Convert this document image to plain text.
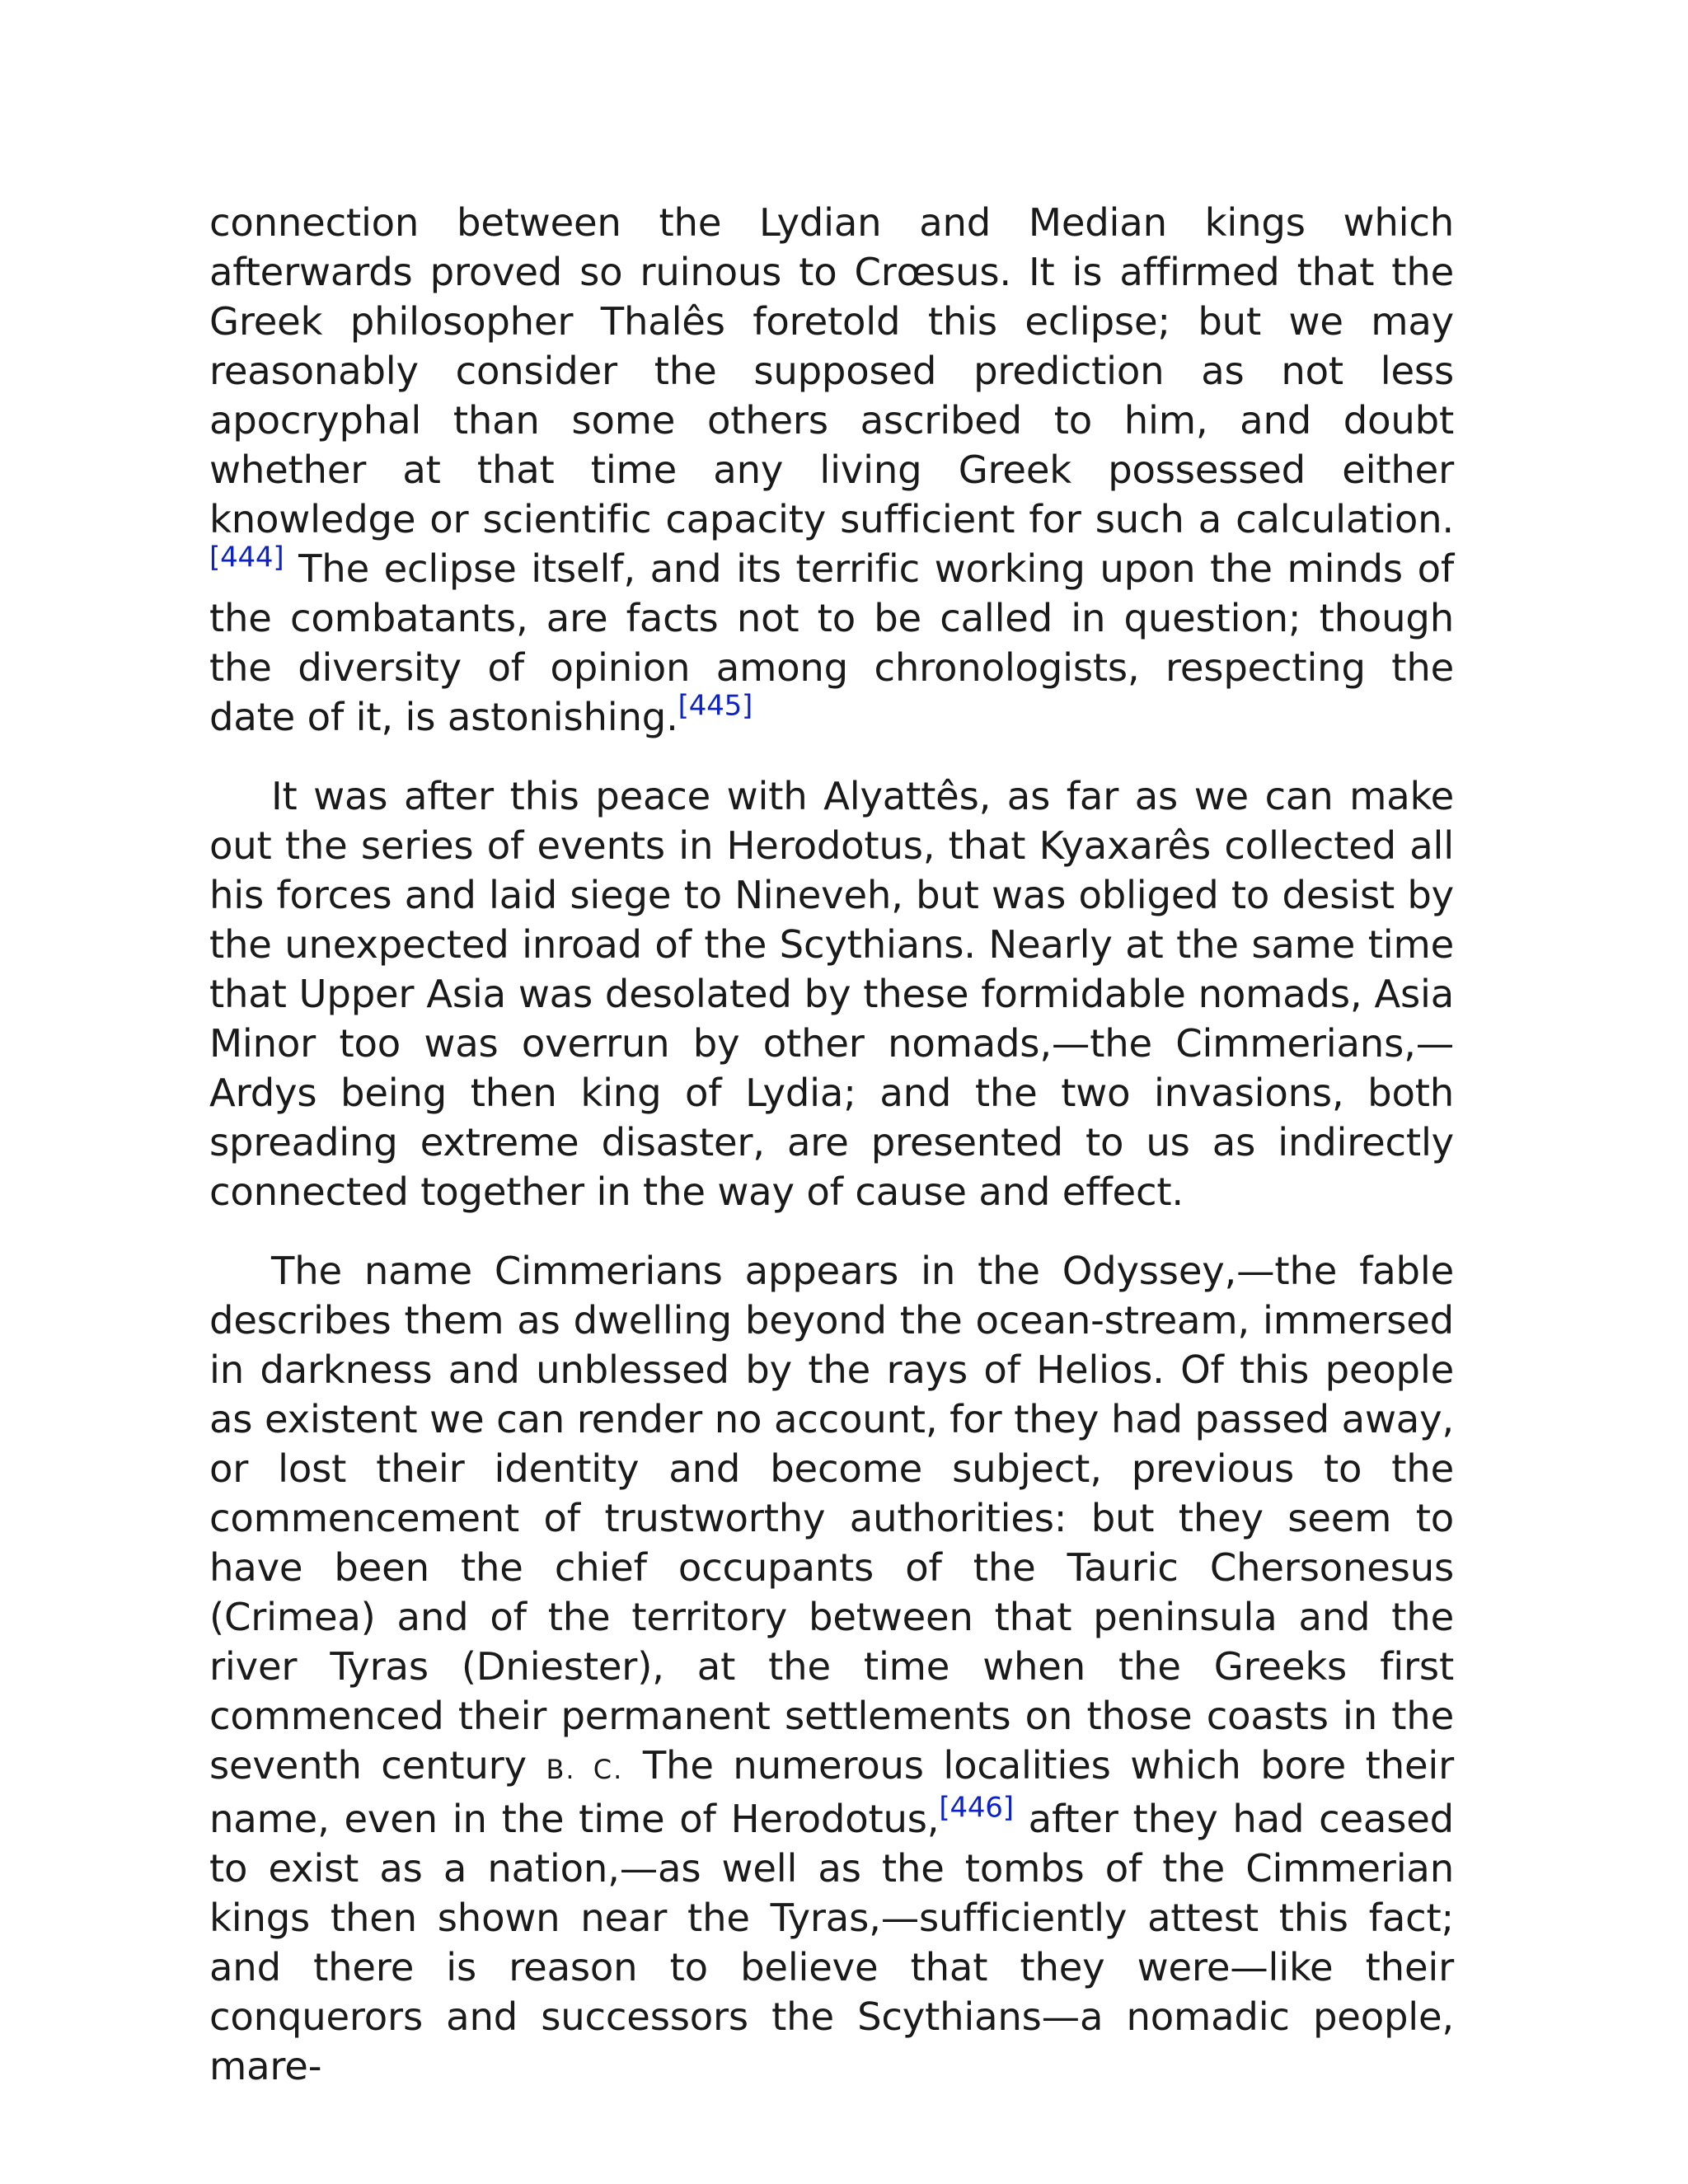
connection between the Lydian and Median kings which afterwards proved so ruinous to Crœsus. It is affirmed that the Greek philosopher Thalês foretold this eclipse; but we may reasonably consider the supposed prediction as not less apocryphal than some others ascribed to him, and doubt whether at that time any living Greek possessed either knowledge or scientific capacity sufficient for such a calculation.[444] The eclipse itself, and its terrific working upon the minds of the combatants, are facts not to be called in question; though the diversity of opinion among chronologists, respecting the date of it, is astonishing.[445]

It was after this peace with Alyattês, as far as we can make out the series of events in Herodotus, that Kyaxarês collected all his forces and laid siege to Nineveh, but was obliged to desist by the unexpected inroad of the Scythians. Nearly at the same time that Upper Asia was desolated by these formidable nomads, Asia Minor too was overrun by other nomads,—the Cimmerians,—Ardys being then king of Lydia; and the two invasions, both spreading extreme disaster, are presented to us as indirectly connected together in the way of cause and effect.

The name Cimmerians appears in the Odyssey,—the fable describes them as dwelling beyond the ocean-stream, immersed in darkness and unblessed by the rays of Helios. Of this people as existent we can render no account, for they had passed away, or lost their identity and become subject, previous to the commencement of trustworthy authorities: but they seem to have been the chief occupants of the Tauric Chersonesus (Crimea) and of the territory between that peninsula and the river Tyras (Dniester), at the time when the Greeks first commenced their permanent settlements on those coasts in the seventh century B. C. The numerous localities which bore their name, even in the time of Herodotus,[446] after they had ceased to exist as a nation,—as well as the tombs of the Cimmerian kings then shown near the Tyras,—sufficiently attest this fact; and there is reason to believe that they were—like their conquerors and successors the Scythians—a nomadic people, mare-
